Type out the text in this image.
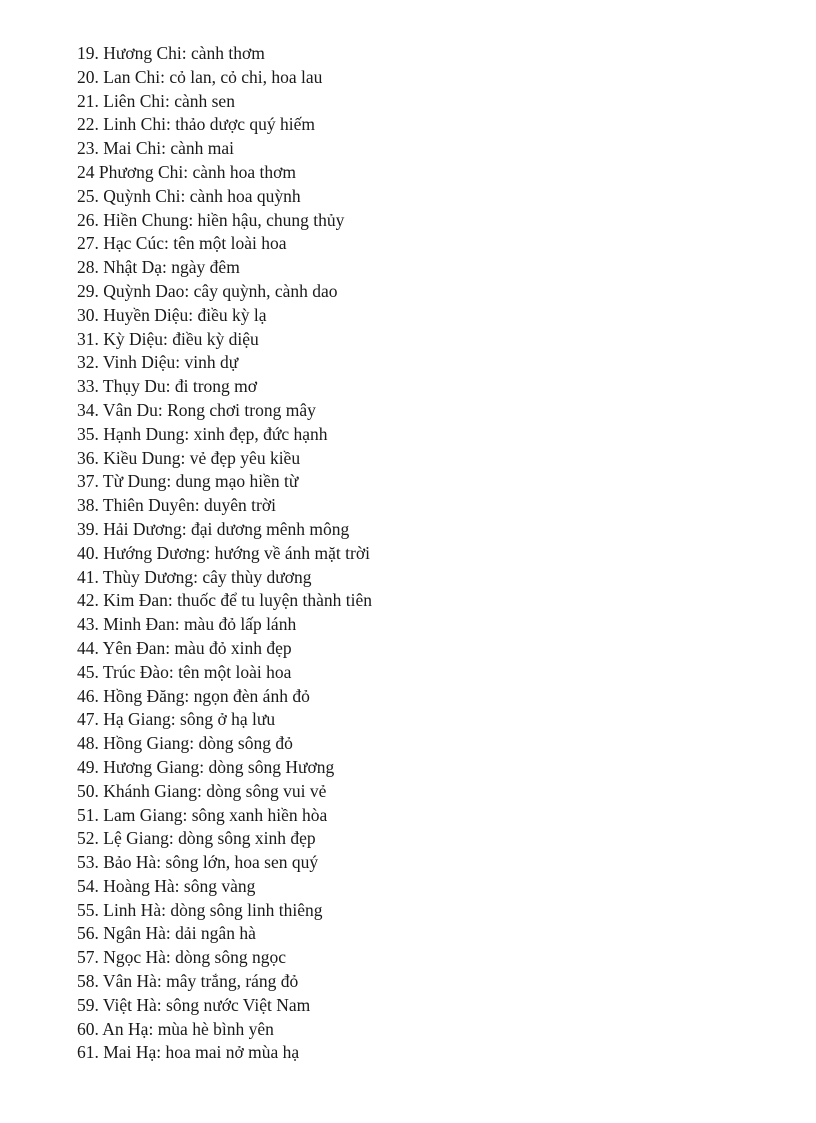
19. Hương Chi: cành thơm
20. Lan Chi: cỏ lan, cỏ chi, hoa lau
21. Liên Chi: cành sen
22. Linh Chi: thảo dược quý hiếm
23. Mai Chi: cành mai
24 Phương Chi: cành hoa thơm
25. Quỳnh Chi: cành hoa quỳnh
26. Hiền Chung: hiền hậu, chung thủy
27. Hạc Cúc: tên một loài hoa
28. Nhật Dạ: ngày đêm
29. Quỳnh Dao: cây quỳnh, cành dao
30. Huyền Diệu: điều kỳ lạ
31. Kỳ Diệu: điều kỳ diệu
32. Vinh Diệu: vinh dự
33. Thụy Du: đi trong mơ
34. Vân Du: Rong chơi trong mây
35. Hạnh Dung: xinh đẹp, đức hạnh
36. Kiều Dung: vẻ đẹp yêu kiều
37. Từ Dung: dung mạo hiền từ
38. Thiên Duyên: duyên trời
39. Hải Dương: đại dương mênh mông
40. Hướng Dương: hướng về ánh mặt trời
41. Thùy Dương: cây thùy dương
42. Kim Đan: thuốc để tu luyện thành tiên
43. Minh Đan: màu đỏ lấp lánh
44. Yên Đan: màu đỏ xinh đẹp
45. Trúc Đào: tên một loài hoa
46. Hồng Đăng: ngọn đèn ánh đỏ
47. Hạ Giang: sông ở hạ lưu
48. Hồng Giang: dòng sông đỏ
49. Hương Giang: dòng sông Hương
50. Khánh Giang: dòng sông vui vẻ
51. Lam Giang: sông xanh hiền hòa
52. Lệ Giang: dòng sông xinh đẹp
53. Bảo Hà: sông lớn, hoa sen quý
54. Hoàng Hà: sông vàng
55. Linh Hà: dòng sông linh thiêng
56. Ngân Hà: dải ngân hà
57. Ngọc Hà: dòng sông ngọc
58. Vân Hà: mây trắng, ráng đỏ
59. Việt Hà: sông nước Việt Nam
60. An Hạ: mùa hè bình yên
61. Mai Hạ: hoa mai nở mùa hạ
